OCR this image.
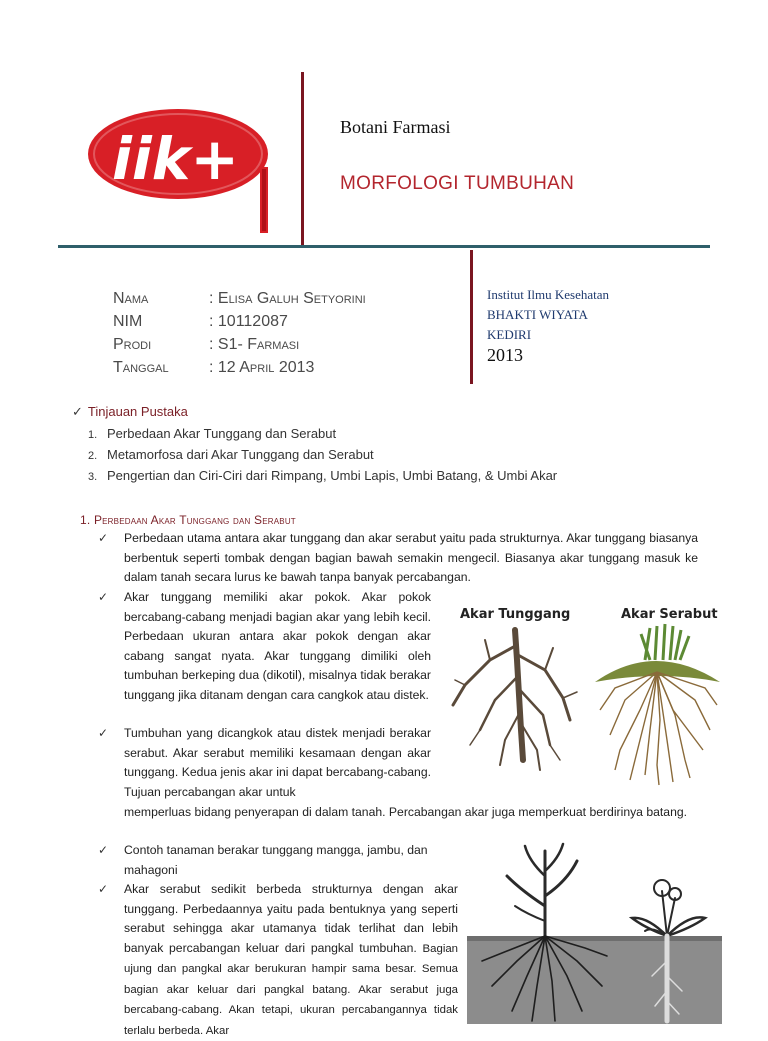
iik+	Botani Farmasi
MORFOLOGI TUMBUHAN
Nama	: Elisa Galuh Setyorini
NIM	: 10112087
Prodi	: S1- Farmasi
Tanggal	: 12 April 2013
Institut Ilmu Kesehatan
BHAKTI WIYATA
KEDIRI
2013
✓ Tinjauan Pustaka
1. Perbedaan Akar Tunggang dan Serabut
2. Metamorfosa dari Akar Tunggang dan Serabut
3. Pengertian dan Ciri-Ciri dari Rimpang, Umbi Lapis, Umbi Batang, & Umbi Akar
1. Perbedaan Akar Tunggang dan Serabut
✓ Perbedaan utama antara akar tunggang dan akar serabut yaitu pada strukturnya. Akar tunggang biasanya berbentuk seperti tombak dengan bagian bawah semakin mengecil. Biasanya akar tunggang masuk ke dalam tanah secara lurus ke bawah tanpa banyak percabangan.
✓ Akar tunggang memiliki akar pokok. Akar pokok bercabang-cabang menjadi bagian akar yang lebih kecil. Perbedaan ukuran antara akar pokok dengan akar cabang sangat nyata. Akar tunggang dimiliki oleh tumbuhan berkeping dua (dikotil), misalnya tidak berakar tunggang jika ditanam dengan cara cangkok atau distek.
✓ Tumbuhan yang dicangkok atau distek menjadi berakar serabut. Akar serabut memiliki kesamaan dengan akar tunggang. Kedua jenis akar ini dapat bercabang-cabang. Tujuan percabangan akar untuk
memperluas bidang penyerapan di dalam tanah. Percabangan akar juga memperkuat berdirinya batang.
✓ Contoh tanaman berakar tunggang mangga, jambu, dan mahagoni
✓ Akar serabut sedikit berbeda strukturnya dengan akar tunggang. Perbedaannya yaitu pada bentuknya yang seperti serabut sehingga akar utamanya tidak terlihat dan lebih banyak percabangan keluar dari pangkal tumbuhan. Bagian ujung dan pangkal akar berukuran hampir sama besar. Semua bagian akar keluar dari pangkal batang. Akar serabut juga bercabang-cabang. Akan tetapi, ukuran percabangannya tidak terlalu berbeda. Akar
Akar Tunggang	Akar Serabut
